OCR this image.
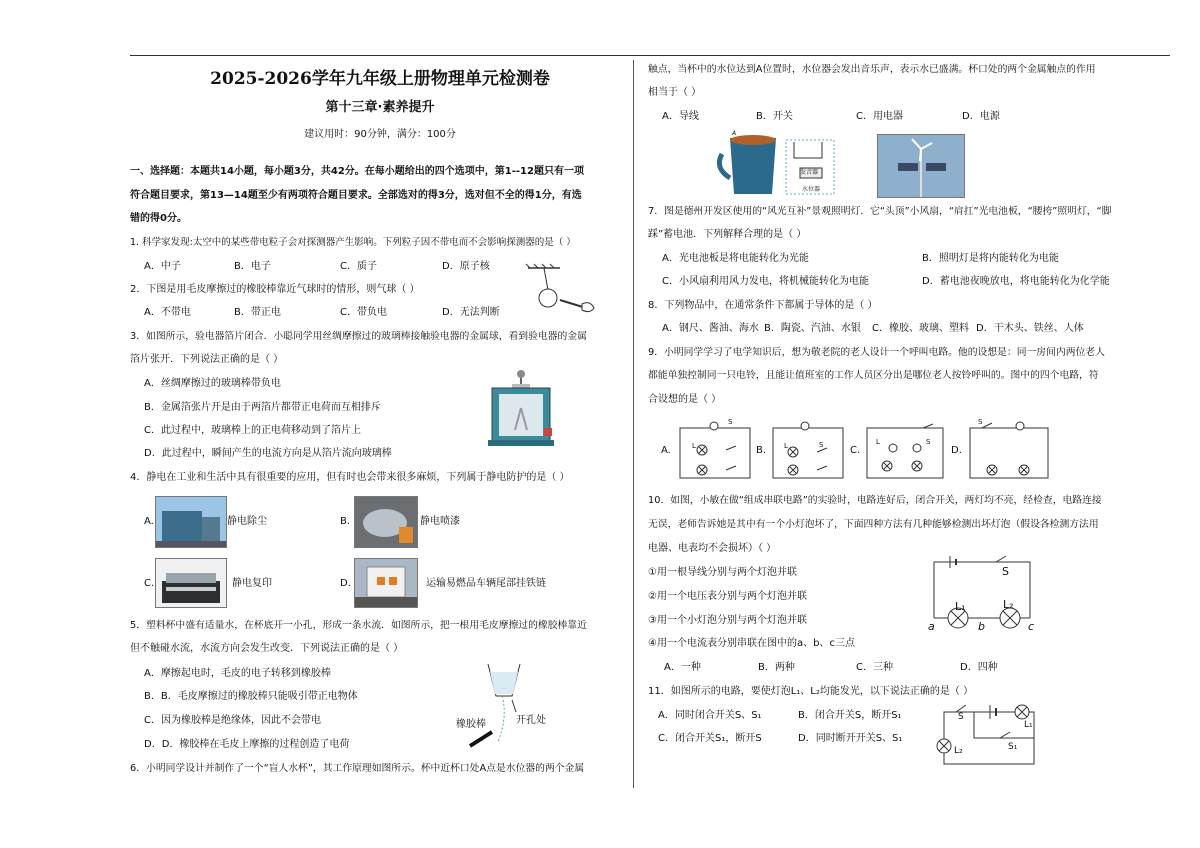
2025-2026学年九年级上册物理单元检测卷
第十三章·素养提升
建议用时：90分钟，满分：100分
一、选择题：本题共14小题，每小题3分，共42分。在每小题给出的四个选项中，第1--12题只有一项
符合题目要求，第13—14题至少有两项符合题目要求。全部选对的得3分，选对但不全的得1分，有选
错的得0分。
1. 科学家发现:太空中的某些带电粒子会对探测器产生影响。下列粒子因不带电而不会影响探测器的是（ ）
A．中子	B．电子	C．质子	D．原子核
2．下图是用毛皮摩擦过的橡胶棒靠近气球时的情形，则气球（ ）
A．不带电	B．带正电	C．带负电	D．无法判断
3．如图所示，验电器箔片闭合．小聪同学用丝绸摩擦过的玻璃棒接触验电器的金属球，看到验电器的金属
箔片张开．下列说法正确的是（ ）
A．丝绸摩擦过的玻璃棒带负电
B．金属箔张片开是由于两箔片都带正电荷而互相排斥
C．此过程中，玻璃棒上的正电荷移动到了箔片上
D．此过程中，瞬间产生的电流方向是从箔片流向玻璃棒
4．静电在工业和生活中具有很重要的应用，但有时也会带来很多麻烦，下列属于静电防护的是（ ）
A.	静电除尘	B.	静电喷漆
C.	静电复印	D.	运输易燃品车辆尾部挂铁链
5．塑料杯中盛有适量水，在杯底开一小孔，形成一条水流．如图所示，把一根用毛皮摩擦过的橡胶棒靠近
但不触碰水流，水流方向会发生改变．下列说法正确的是（ ）
A．摩擦起电时，毛皮的电子转移到橡胶棒
B．B．毛皮摩擦过的橡胶棒只能吸引带正电物体
C．因为橡胶棒是绝缘体，因此不会带电
D．D．橡胶棒在毛皮上摩擦的过程创造了电荷
橡胶棒	开孔处
6．小明同学设计并制作了一个“盲人水杯”，其工作原理如图所示。杯中近杯口处A点是水位器的两个金属
触点，当杯中的水位达到A位置时，水位器会发出音乐声，表示水已盛满。杯口处的两个金属触点的作用
相当于（ ）
A．导线	B．开关	C．用电器	D．电源
发音器
水位器
A
7．图是德州开发区使用的“风光互补”景观照明灯．它“头顶”小风扇，“肩扛”光电池板，“腰挎”照明灯，“脚
踩”蓄电池．下列解释合理的是（ ）
A．光电池板是将电能转化为光能	B．照明灯是将内能转化为电能
C．小风扇利用风力发电，将机械能转化为电能	D．蓄电池夜晚放电，将电能转化为化学能
8．下列物品中，在通常条件下都属于导体的是（ ）
A．钢尺、酱油、海水 B．陶瓷、汽油、水银 C．橡胶、玻璃、塑料 D．干木头、铁丝、人体
9．小明同学学习了电学知识后，想为敬老院的老人设计一个呼叫电路。他的设想是：同一房间内两位老人
都能单独控制同一只电铃，且能让值班室的工作人员区分出是哪位老人按铃呼叫的。图中的四个电路，符
合设想的是（ ）
A.	B.	C.	D.
10．如图，小敏在做“组成串联电路”的实验时，电路连好后，闭合开关，两灯均不亮，经检查，电路连接
无误，老师告诉她是其中有一个小灯泡坏了，下面四种方法有几种能够检测出坏灯泡（假设各检测方法用
电器、电表均不会损坏）（ ）
①用一根导线分别与两个灯泡并联
②用一个电压表分别与两个灯泡并联
③用一个小灯泡分别与两个灯泡并联
④用一个电流表分别串联在图中的a、b、c三点
A．一种	B．两种	C．三种	D．四种
S
L₁	L₂
a	b	c
11．如图所示的电路，要使灯泡L₁、L₂均能发光，以下说法正确的是（ ）
A．同时闭合开关S、S₁	B．闭合开关S，断开S₁
C．闭合开关S₁，断开S	D．同时断开开关S、S₁
S
S₁
L₁
L₂
S
L	S
L	S
L
S
